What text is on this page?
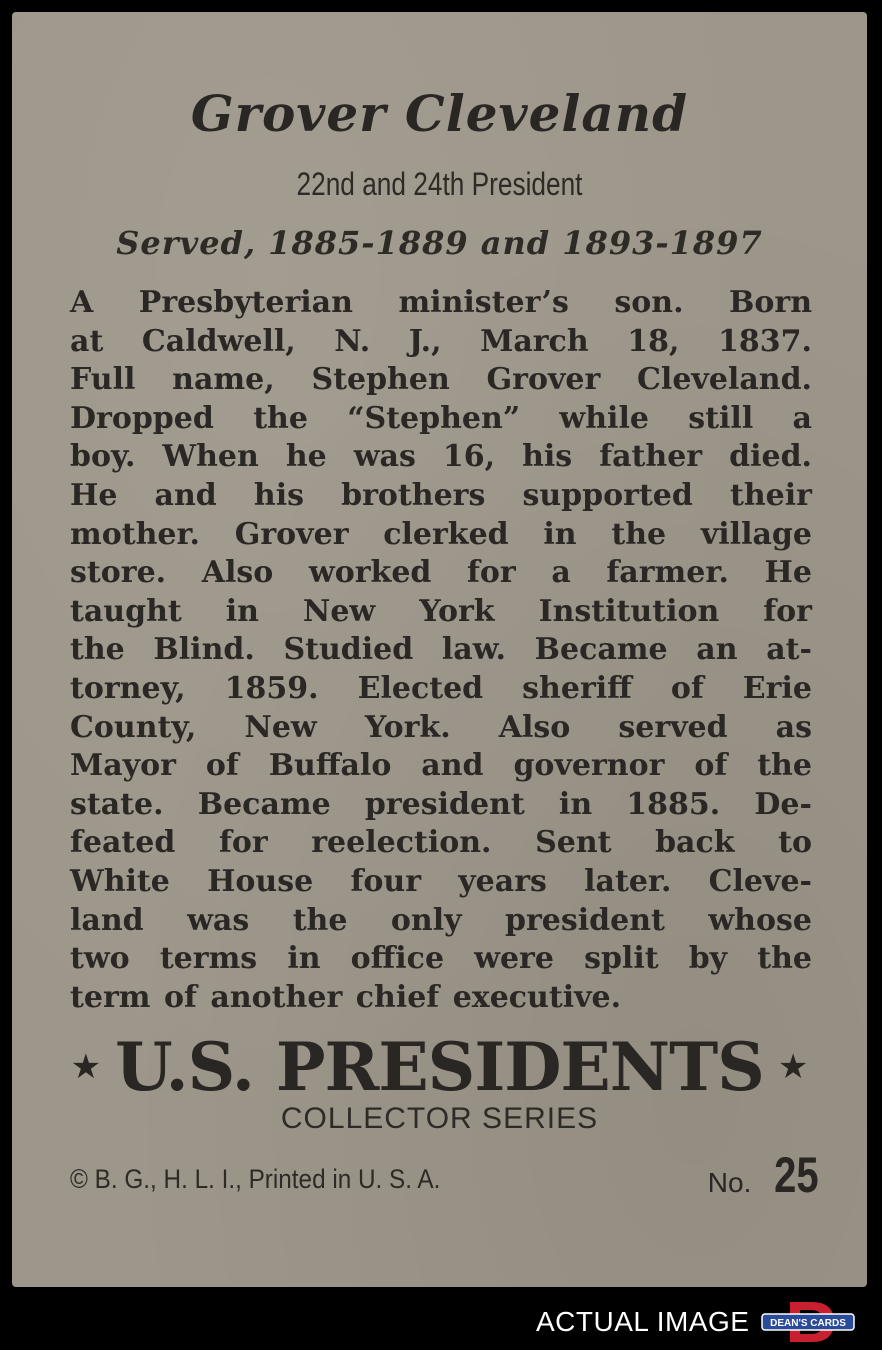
Grover Cleveland
22nd and 24th President
Served, 1885-1889 and 1893-1897
A Presbyterian minister’s son. Born
at Caldwell, N. J., March 18, 1837.
Full name, Stephen Grover Cleveland.
Dropped the “Stephen” while still a
boy. When he was 16, his father died.
He and his brothers supported their
mother. Grover clerked in the village
store. Also worked for a farmer. He
taught in New York Institution for
the Blind. Studied law. Became an at-
torney, 1859. Elected sheriff of Erie
County, New York. Also served as
Mayor of Buffalo and governor of the
state. Became president in 1885. De-
feated for reelection. Sent back to
White House four years later. Cleve-
land was the only president whose
two terms in office were split by the
term of another chief executive.
★ U.S. PRESIDENTS ★
COLLECTOR SERIES
© B. G., H. L. I., Printed in U. S. A.	No. 25
ACTUAL IMAGE DEAN'S CARDS
